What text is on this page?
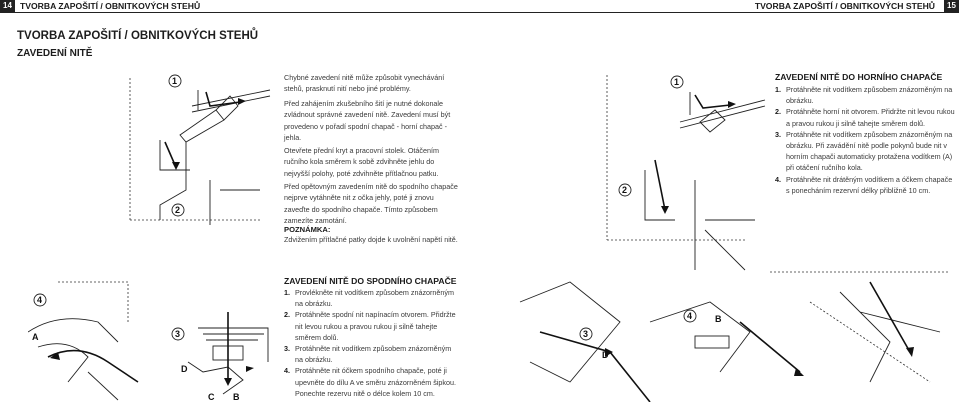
14 TVORBA ZAPOŠITÍ / OBNITKOVÝCH STEHŮ	TVORBA ZAPOŠITÍ / OBNITKOVÝCH STEHŮ	15
TVORBA ZAPOŠITÍ / OBNITKOVÝCH STEHŮ
ZAVEDENÍ NITĚ

Chybné zavedení nitě může způsobit vynechávání stehů, prasknutí nití nebo jiné problémy.

Před zahájením zkušebního šití je nutné dokonale zvládnout správné zavedení nitě. Zavedení musí být provedeno v pořadí spodní chapač - horní chapač - jehla.

Otevřete přední kryt a pracovní stolek. Otáčením ručního kola směrem k sobě zdvihněte jehlu do nejvyšší polohy, poté zdvihněte přítlačnou patku.

Před opětovným zavedením nitě do spodního chapače nejprve vytáhněte nit z očka jehly, poté ji znovu zaveďte do spodního chapače. Tímto způsobem zamezíte zamotání.

POZNÁMKA:

Zdvižením přítlačné patky dojde k uvolnění napětí nitě.

ZAVEDENÍ NITĚ DO SPODNÍHO CHAPAČE

1. Provlékněte nit vodítkem způsobem znázorněným na obrázku.
2. Protáhněte spodní nit napínacím otvorem. Přidržte nit levou rukou a pravou rukou ji silně tahejte směrem dolů.
3. Protáhněte nit vodítkem způsobem znázorněným na obrázku.
4. Protáhněte nit óčkem spodního chapače, poté ji upevněte do dílu A ve směru znázorněném šipkou. Ponechte rezervu nitě o délce kolem 10 cm.

ZAVEDENÍ NITĚ DO HORNÍHO CHAPAČE

1. Protáhněte nit vodítkem způsobem znázorněným na obrázku.
2. Protáhněte horní nit otvorem. Přidržte nit levou rukou a pravou rukou ji silně tahejte směrem dolů.
3. Protáhněte nit vodítkem způsobem znázorněným na obrázku. Při zavádění nitě podle pokynů bude nit v horním chapači automaticky protažena vodítkem (A) při otáčení ručního kola.
4. Protáhněte nit drátěným vodítkem a óčkem chapače s ponecháním rezervní délky přibližně 10 cm.
1
2
4
A	3
D
C B
1
2
3
D
4	B
